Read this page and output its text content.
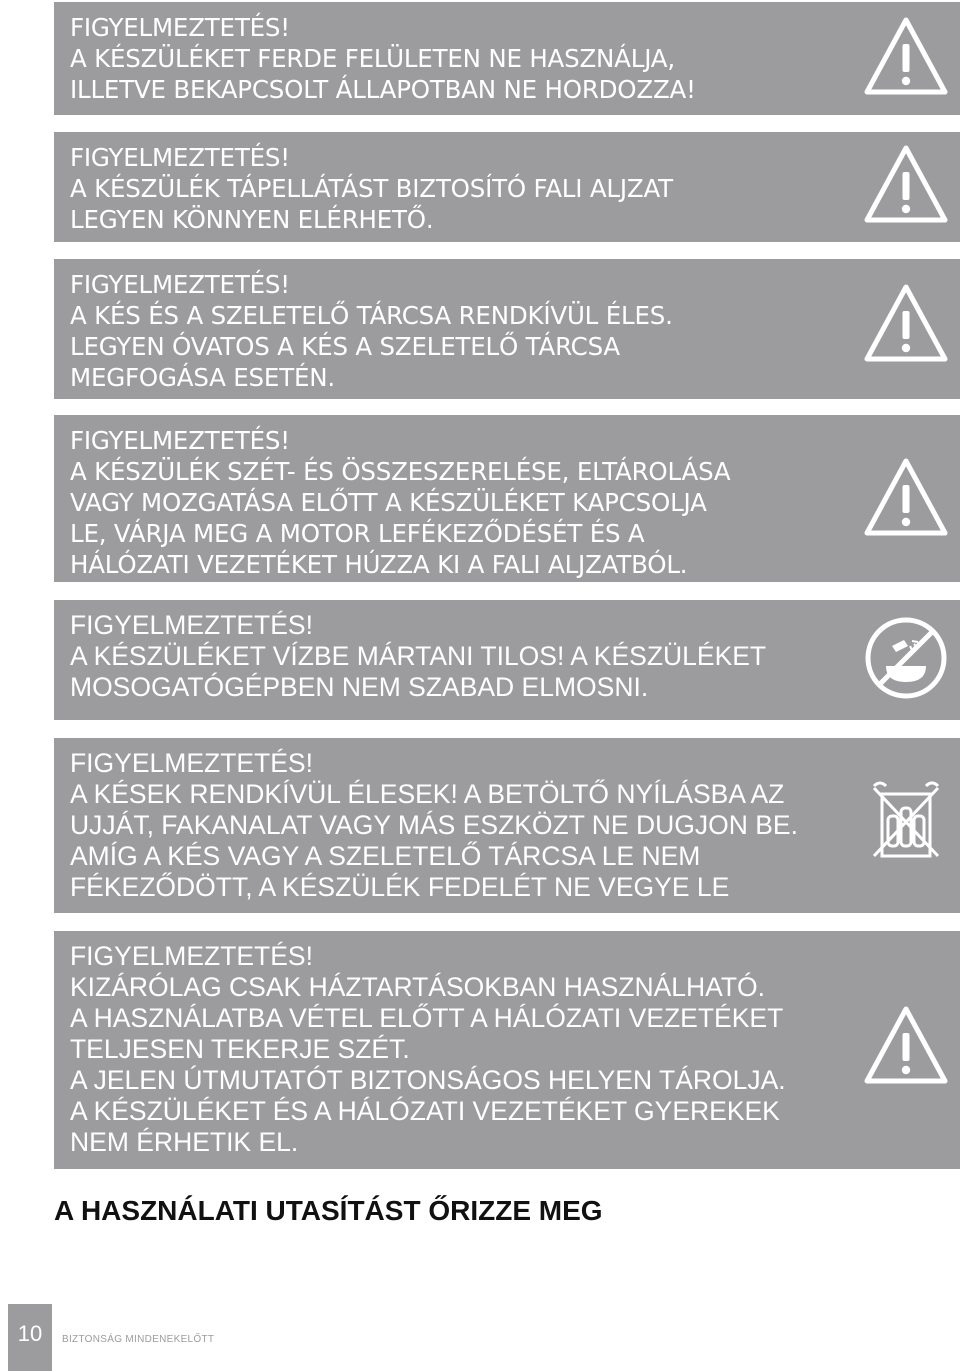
FIGYELMEZTETÉS!
A KÉSZÜLÉKET FERDE FELÜLETEN NE HASZNÁLJA,
ILLETVE BEKAPCSOLT ÁLLAPOTBAN NE HORDOZZA!
FIGYELMEZTETÉS!
A KÉSZÜLÉK TÁPELLÁTÁST BIZTOSÍTÓ FALI ALJZAT
LEGYEN KÖNNYEN ELÉRHETŐ.
FIGYELMEZTETÉS!
A KÉS ÉS A SZELETELŐ TÁRCSA RENDKÍVÜL ÉLES.
LEGYEN ÓVATOS A KÉS A SZELETELŐ TÁRCSA
MEGFOGÁSA ESETÉN.
FIGYELMEZTETÉS!
A KÉSZÜLÉK SZÉT- ÉS ÖSSZESZERELÉSE, ELTÁROLÁSA
VAGY MOZGATÁSA ELŐTT A KÉSZÜLÉKET KAPCSOLJA
LE, VÁRJA MEG A MOTOR LEFÉKEZŐDÉSÉT ÉS A
HÁLÓZATI VEZETÉKET HÚZZA KI A FALI ALJZATBÓL.
FIGYELMEZTETÉS!
A KÉSZÜLÉKET VÍZBE MÁRTANI TILOS! A KÉSZÜLÉKET
MOSOGATÓGÉPBEN NEM SZABAD ELMOSNI.
FIGYELMEZTETÉS!
A KÉSEK RENDKÍVÜL ÉLESEK! A BETÖLTŐ NYÍLÁSBA AZ
UJJÁT, FAKANALAT VAGY MÁS ESZKÖZT NE DUGJON BE.
AMÍG A KÉS VAGY A SZELETELŐ TÁRCSA LE NEM
FÉKEZŐDÖTT, A KÉSZÜLÉK FEDELÉT NE VEGYE LE
FIGYELMEZTETÉS!
KIZÁRÓLAG CSAK HÁZTARTÁSOKBAN HASZNÁLHATÓ.
A HASZNÁLATBA VÉTEL ELŐTT A HÁLÓZATI VEZETÉKET
TELJESEN TEKERJE SZÉT.
A JELEN ÚTMUTATÓT BIZTONSÁGOS HELYEN TÁROLJA.
A KÉSZÜLÉKET ÉS A HÁLÓZATI VEZETÉKET GYEREKEK
NEM ÉRHETIK EL.
A HASZNÁLATI UTASÍTÁST ŐRIZZE MEG
10	BIZTONSÁG MINDENEKELŐTT
